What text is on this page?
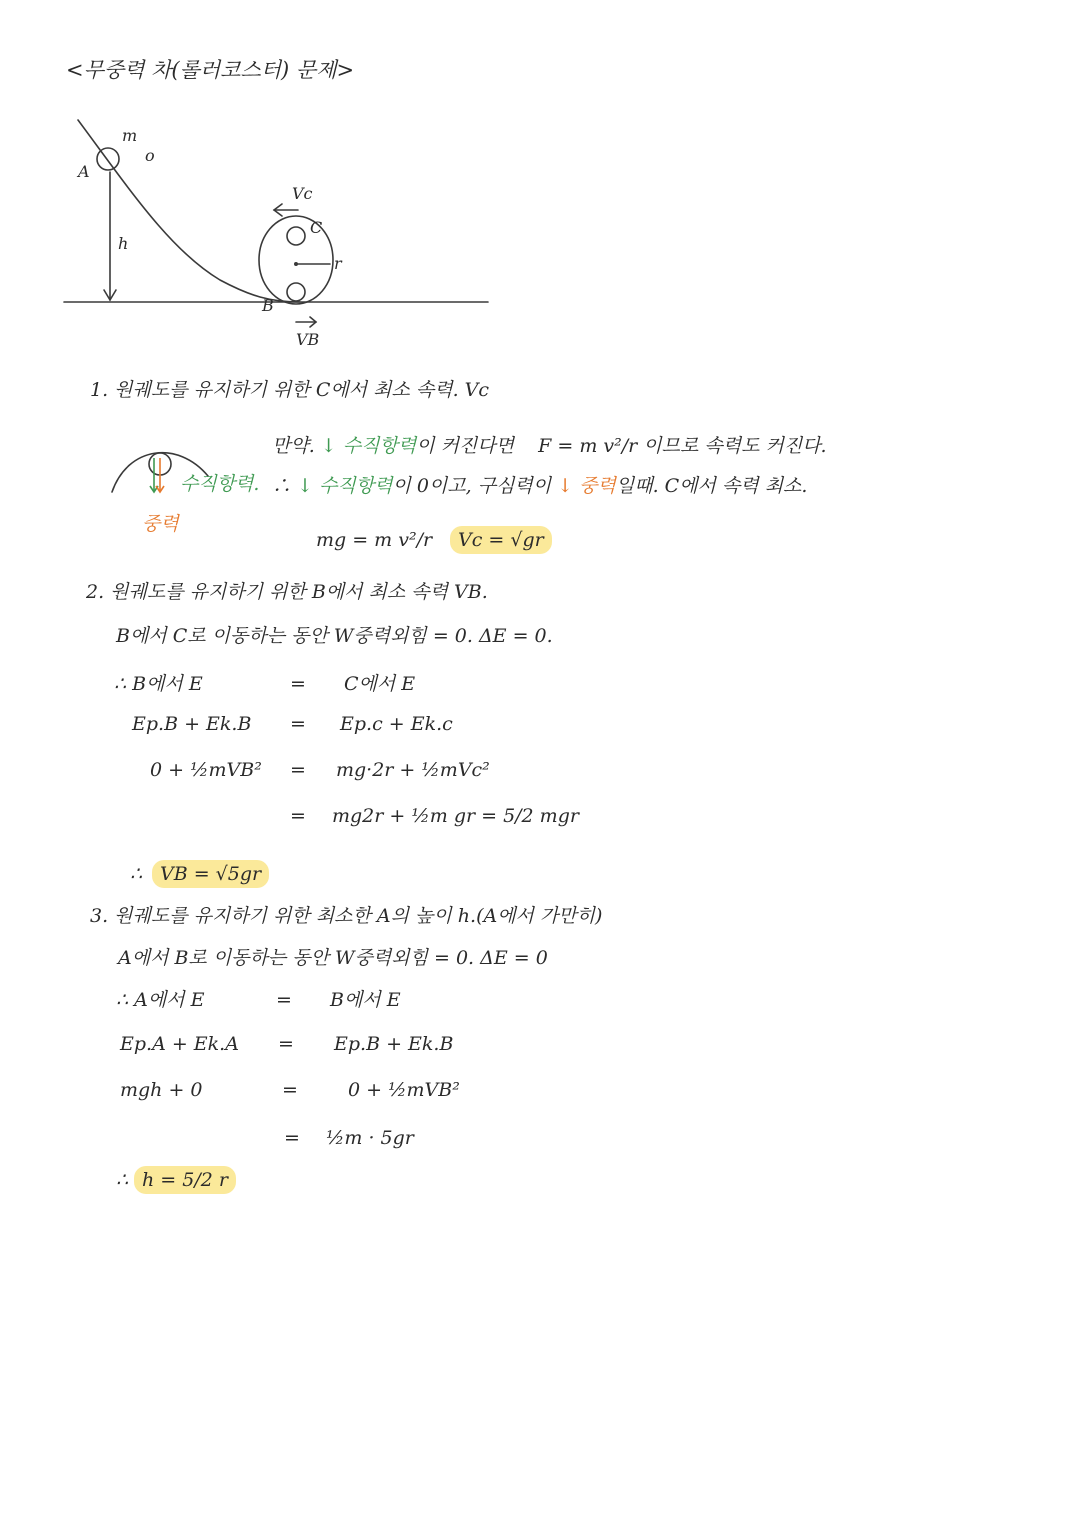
<무중력 차(롤러코스터) 문제>
m
o
A
h
Vc
C
r
B
VB
1. 원궤도를 유지하기 위한 C에서 최소 속력. Vc
수직항력.
중력
만약. ↓ 수직항력이 커진다면 F = m v²/r 이므로 속력도 커진다.
∴ ↓ 수직항력이 0이고, 구심력이 ↓ 중력일때. C에서 속력 최소.
mg = m v²/r	Vc = √gr
2. 원궤도를 유지하기 위한 B에서 최소 속력 VB.
B에서 C로 이동하는 동안 W중력외힘 = 0. ΔE = 0.
∴ B에서 E	= C에서 E
Ep.B + Ek.B = Ep.c + Ek.c
0 + ½mVB² = mg·2r + ½mVc²
= mg2r + ½m gr = 5/2 mgr
∴ VB = √5gr
3. 원궤도를 유지하기 위한 최소한 A의 높이 h.(A에서 가만히)
A에서 B로 이동하는 동안 W중력외힘 = 0. ΔE = 0
∴ A에서 E	= B에서 E
Ep.A + Ek.A = Ep.B + Ek.B
mgh + 0	=	0 + ½mVB²
= ½m · 5gr
∴ h = 5/2 r
